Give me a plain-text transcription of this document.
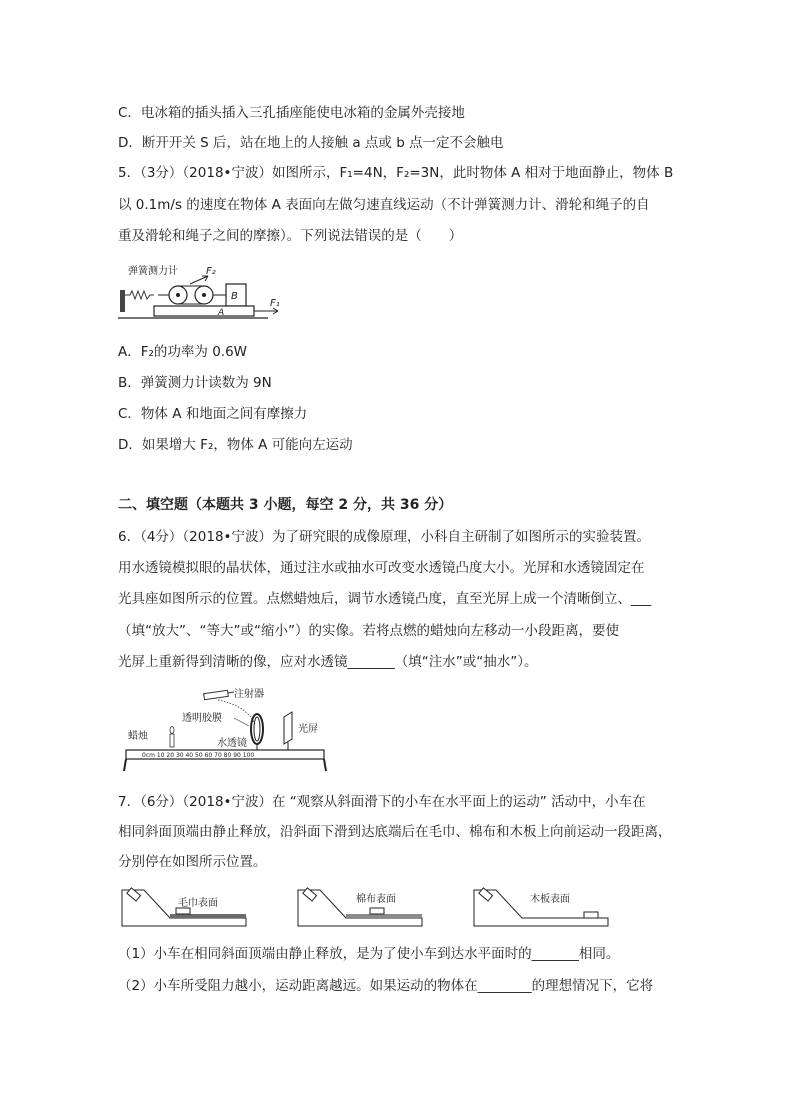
C．电冰箱的插头插入三孔插座能使电冰箱的金属外壳接地
D．断开开关 S 后，站在地上的人接触 a 点或 b 点一定不会触电
5．（3分）（2018•宁波）如图所示，F₁=4N，F₂=3N，此时物体 A 相对于地面静止，物体 B
以 0.1m/s 的速度在物体 A 表面向左做匀速直线运动（不计弹簧测力计、滑轮和绳子的自
重及滑轮和绳子之间的摩擦）。下列说法错误的是（　　）
弹簧测力计	F₂
B
A
F₁
A．F₂的功率为 0.6W
B．弹簧测力计读数为 9N
C．物体 A 和地面之间有摩擦力
D．如果增大 F₂，物体 A 可能向左运动
二、填空题（本题共 3 小题，每空 2 分，共 36 分）
6．（4分）（2018•宁波）为了研究眼的成像原理，小科自主研制了如图所示的实验装置。
用水透镜模拟眼的晶状体，通过注水或抽水可改变水透镜凸度大小。光屏和水透镜固定在
光具座如图所示的位置。点燃蜡烛后，调节水透镜凸度，直至光屏上成一个清晰倒立、___
（填“放大”、“等大”或“缩小”）的实像。若将点燃的蜡烛向左移动一小段距离，要使
光屏上重新得到清晰的像，应对水透镜_______（填“注水”或“抽水”）。
注射器
透明胶膜
蜡烛
水透镜
光屏
0cm 10 20 30 40 50 60 70 80 90 100
7．（6分）（2018•宁波）在 “观察从斜面滑下的小车在水平面上的运动” 活动中，小车在
相同斜面顶端由静止释放，沿斜面下滑到达底端后在毛巾、棉布和木板上向前运动一段距离，
分别停在如图所示位置。
毛巾表面	棉布表面	木板表面
（1）小车在相同斜面顶端由静止释放，是为了使小车到达水平面时的_______相同。
（2）小车所受阻力越小，运动距离越远。如果运动的物体在________的理想情况下，它将
